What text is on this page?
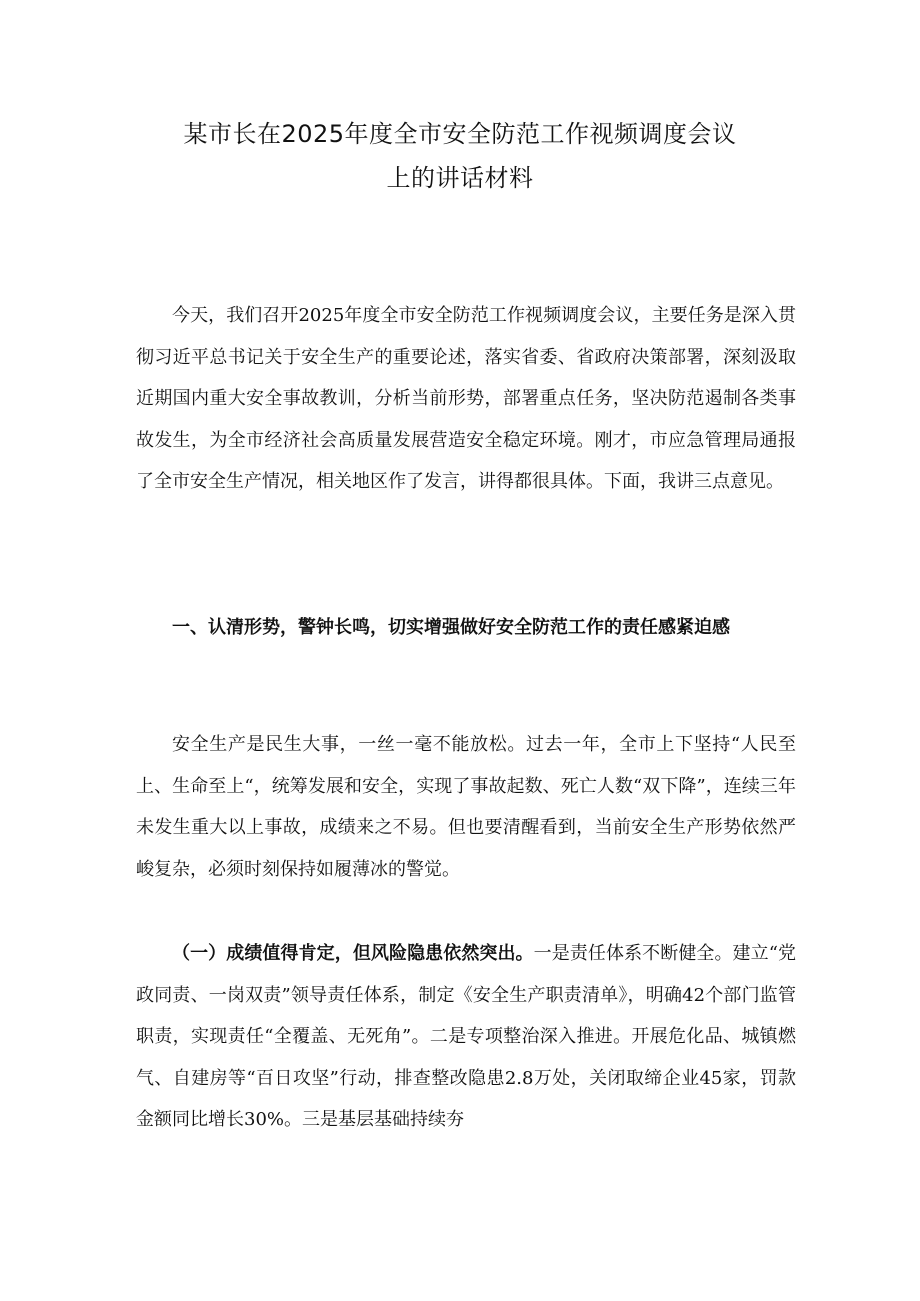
某市长在2025年度全市安全防范工作视频调度会议
上的讲话材料

今天，我们召开2025年度全市安全防范工作视频调度会议，主要任务是深入贯彻习近平总书记关于安全生产的重要论述，落实省委、省政府决策部署，深刻汲取近期国内重大安全事故教训，分析当前形势，部署重点任务，坚决防范遏制各类事故发生，为全市经济社会高质量发展营造安全稳定环境。刚才，市应急管理局通报了全市安全生产情况，相关地区作了发言，讲得都很具体。下面，我讲三点意见。

一、认清形势，警钟长鸣，切实增强做好安全防范工作的责任感紧迫感

安全生产是民生大事，一丝一毫不能放松。过去一年，全市上下坚持“人民至上、生命至上“，统筹发展和安全，实现了事故起数、死亡人数“双下降”，连续三年未发生重大以上事故，成绩来之不易。但也要清醒看到，当前安全生产形势依然严峻复杂，必须时刻保持如履薄冰的警觉。

（一）成绩值得肯定，但风险隐患依然突出。一是责任体系不断健全。建立“党政同责、一岗双责”领导责任体系，制定《安全生产职责清单》，明确42个部门监管职责，实现责任“全覆盖、无死角”。二是专项整治深入推进。开展危化品、城镇燃气、自建房等“百日攻坚”行动，排查整改隐患2.8万处，关闭取缔企业45家，罚款金额同比增长30%。三是基层基础持续夯
